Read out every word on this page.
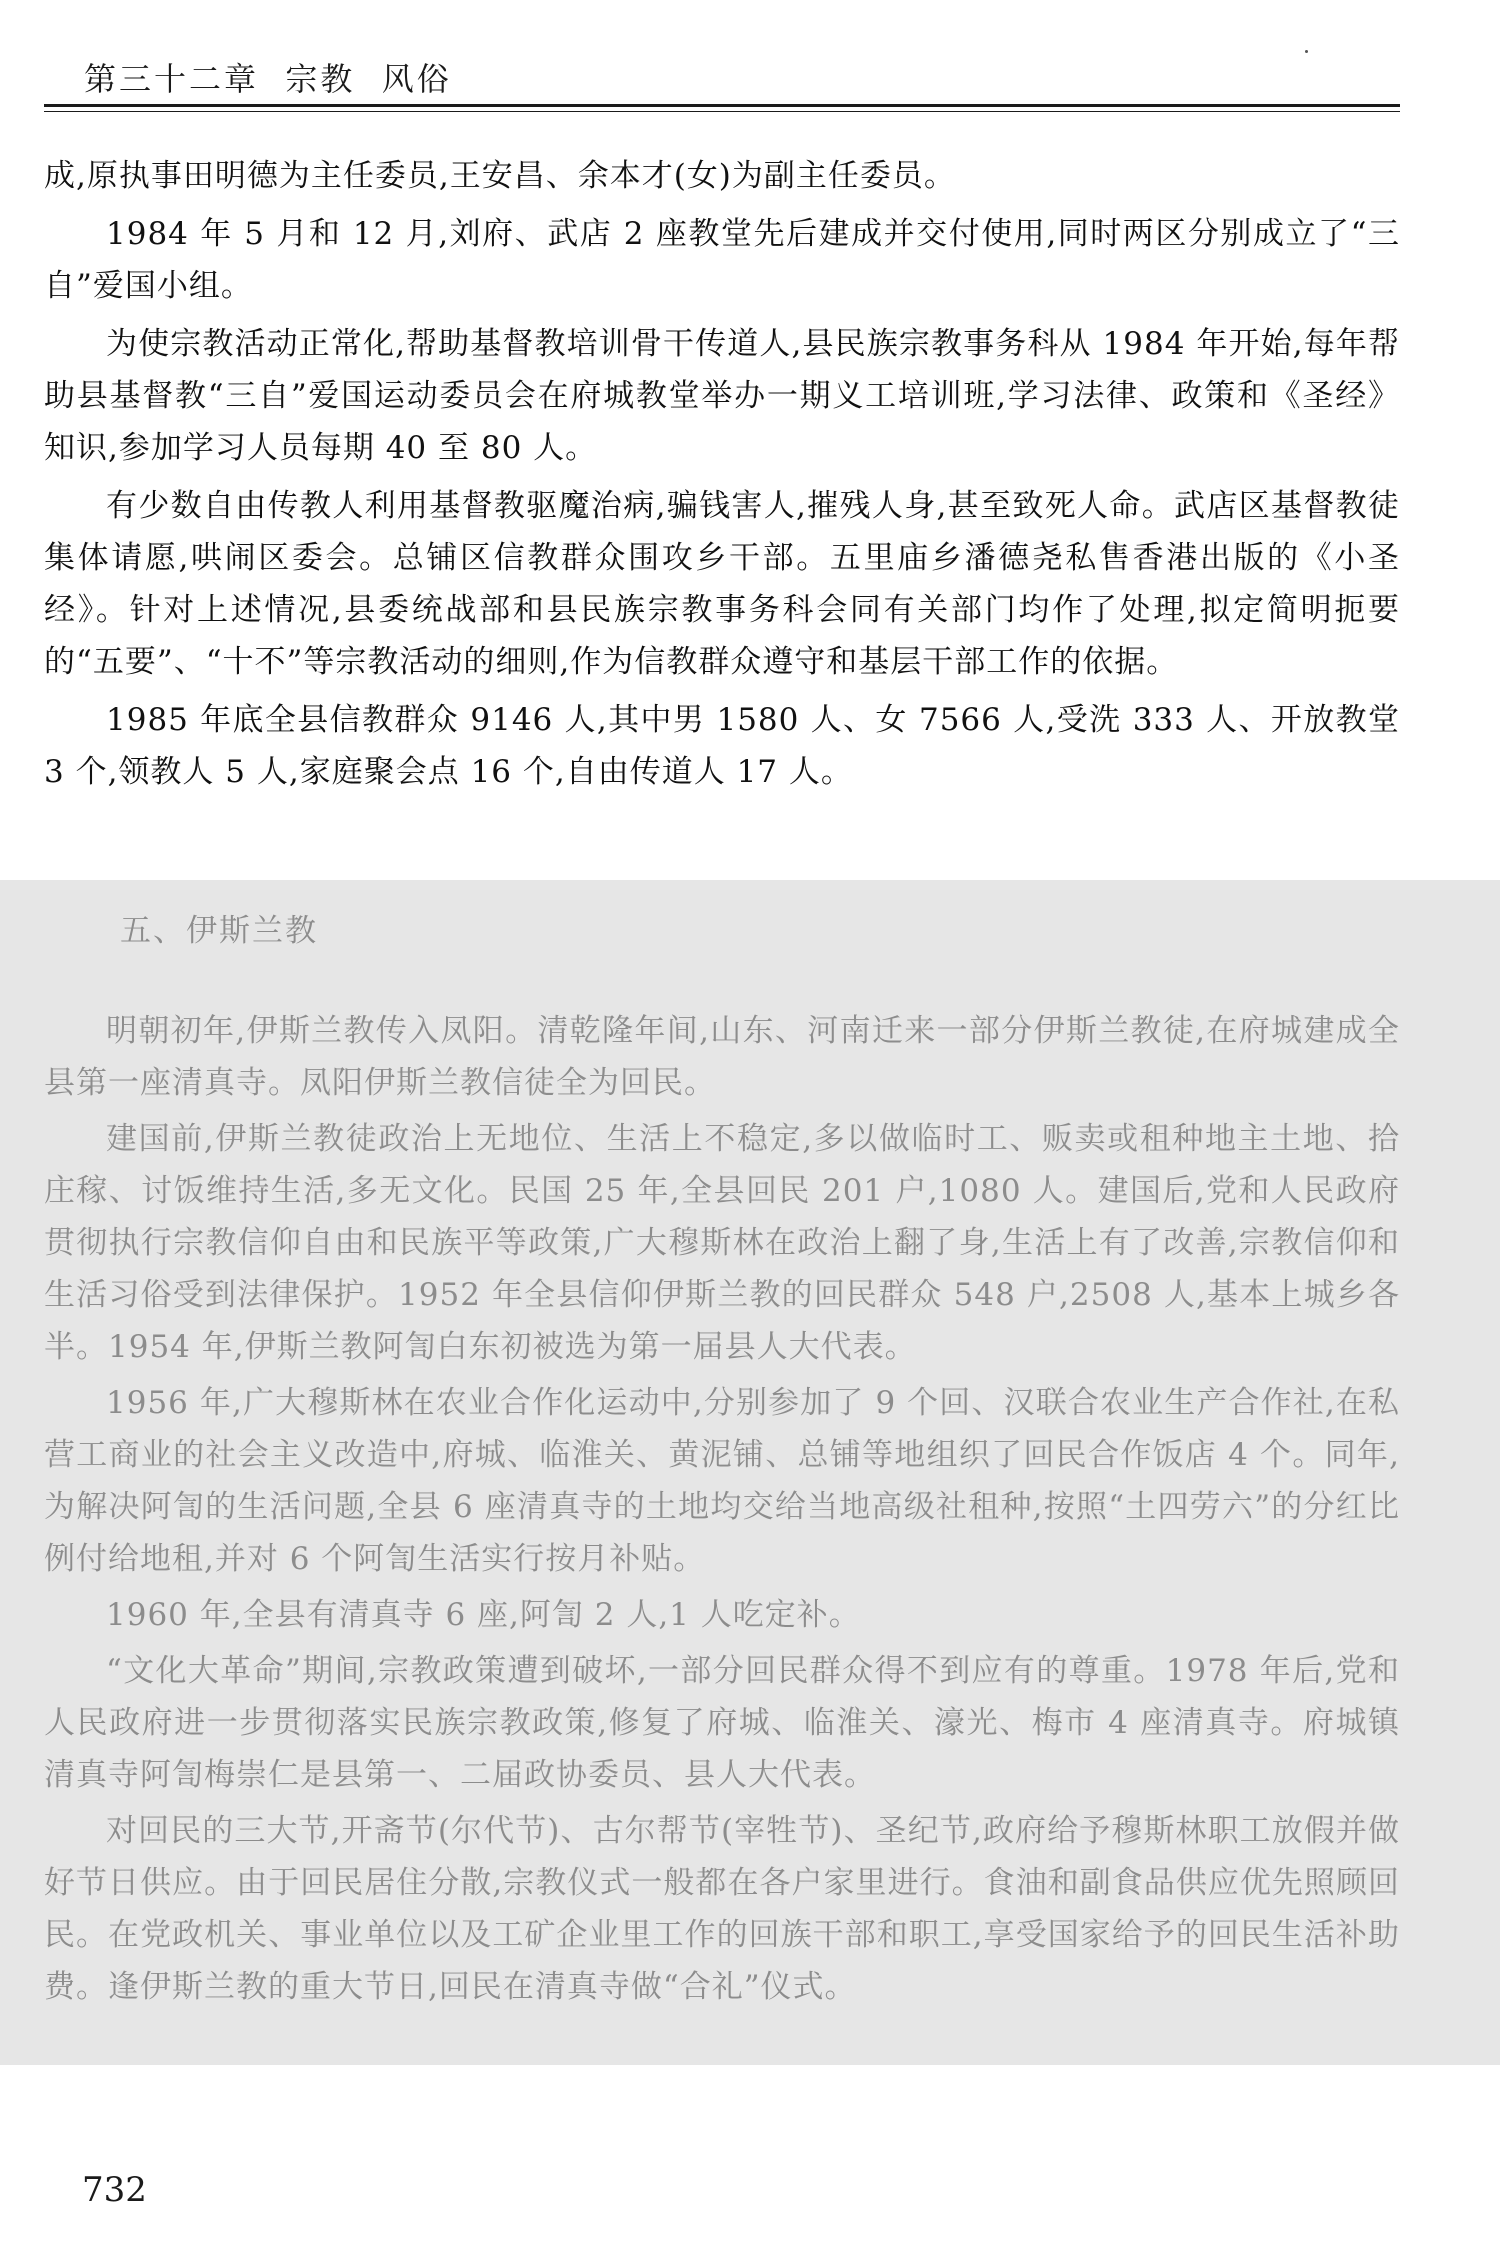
第三十二章  宗教  风俗

成,原执事田明德为主任委员,王安昌、余本才(女)为副主任委员。

1984 年 5 月和 12 月,刘府、武店 2 座教堂先后建成并交付使用,同时两区分别成立了“三自”爱国小组。

为使宗教活动正常化,帮助基督教培训骨干传道人,县民族宗教事务科从 1984 年开始,每年帮助县基督教“三自”爱国运动委员会在府城教堂举办一期义工培训班,学习法律、政策和《圣经》知识,参加学习人员每期 40 至 80 人。

有少数自由传教人利用基督教驱魔治病,骗钱害人,摧残人身,甚至致死人命。武店区基督教徒集体请愿,哄闹区委会。总铺区信教群众围攻乡干部。五里庙乡潘德尧私售香港出版的《小圣经》。针对上述情况,县委统战部和县民族宗教事务科会同有关部门均作了处理,拟定简明扼要的“五要”、“十不”等宗教活动的细则,作为信教群众遵守和基层干部工作的依据。

1985 年底全县信教群众 9146 人,其中男 1580 人、女 7566 人,受洗 333 人、开放教堂 3 个,领教人 5 人,家庭聚会点 16 个,自由传道人 17 人。

五、伊斯兰教

明朝初年,伊斯兰教传入凤阳。清乾隆年间,山东、河南迁来一部分伊斯兰教徒,在府城建成全县第一座清真寺。凤阳伊斯兰教信徒全为回民。

建国前,伊斯兰教徒政治上无地位、生活上不稳定,多以做临时工、贩卖或租种地主土地、拾庄稼、讨饭维持生活,多无文化。民国 25 年,全县回民 201 户,1080 人。建国后,党和人民政府贯彻执行宗教信仰自由和民族平等政策,广大穆斯林在政治上翻了身,生活上有了改善,宗教信仰和生活习俗受到法律保护。1952 年全县信仰伊斯兰教的回民群众 548 户,2508 人,基本上城乡各半。1954 年,伊斯兰教阿訇白东初被选为第一届县人大代表。

1956 年,广大穆斯林在农业合作化运动中,分别参加了 9 个回、汉联合农业生产合作社,在私营工商业的社会主义改造中,府城、临淮关、黄泥铺、总铺等地组织了回民合作饭店 4 个。同年,为解决阿訇的生活问题,全县 6 座清真寺的土地均交给当地高级社租种,按照“土四劳六”的分红比例付给地租,并对 6 个阿訇生活实行按月补贴。

1960 年,全县有清真寺 6 座,阿訇 2 人,1 人吃定补。

“文化大革命”期间,宗教政策遭到破坏,一部分回民群众得不到应有的尊重。1978 年后,党和人民政府进一步贯彻落实民族宗教政策,修复了府城、临淮关、濠光、梅市 4 座清真寺。府城镇清真寺阿訇梅崇仁是县第一、二届政协委员、县人大代表。

对回民的三大节,开斋节(尔代节)、古尔帮节(宰牲节)、圣纪节,政府给予穆斯林职工放假并做好节日供应。由于回民居住分散,宗教仪式一般都在各户家里进行。食油和副食品供应优先照顾回民。在党政机关、事业单位以及工矿企业里工作的回族干部和职工,享受国家给予的回民生活补助费。逢伊斯兰教的重大节日,回民在清真寺做“合礼”仪式。

732
